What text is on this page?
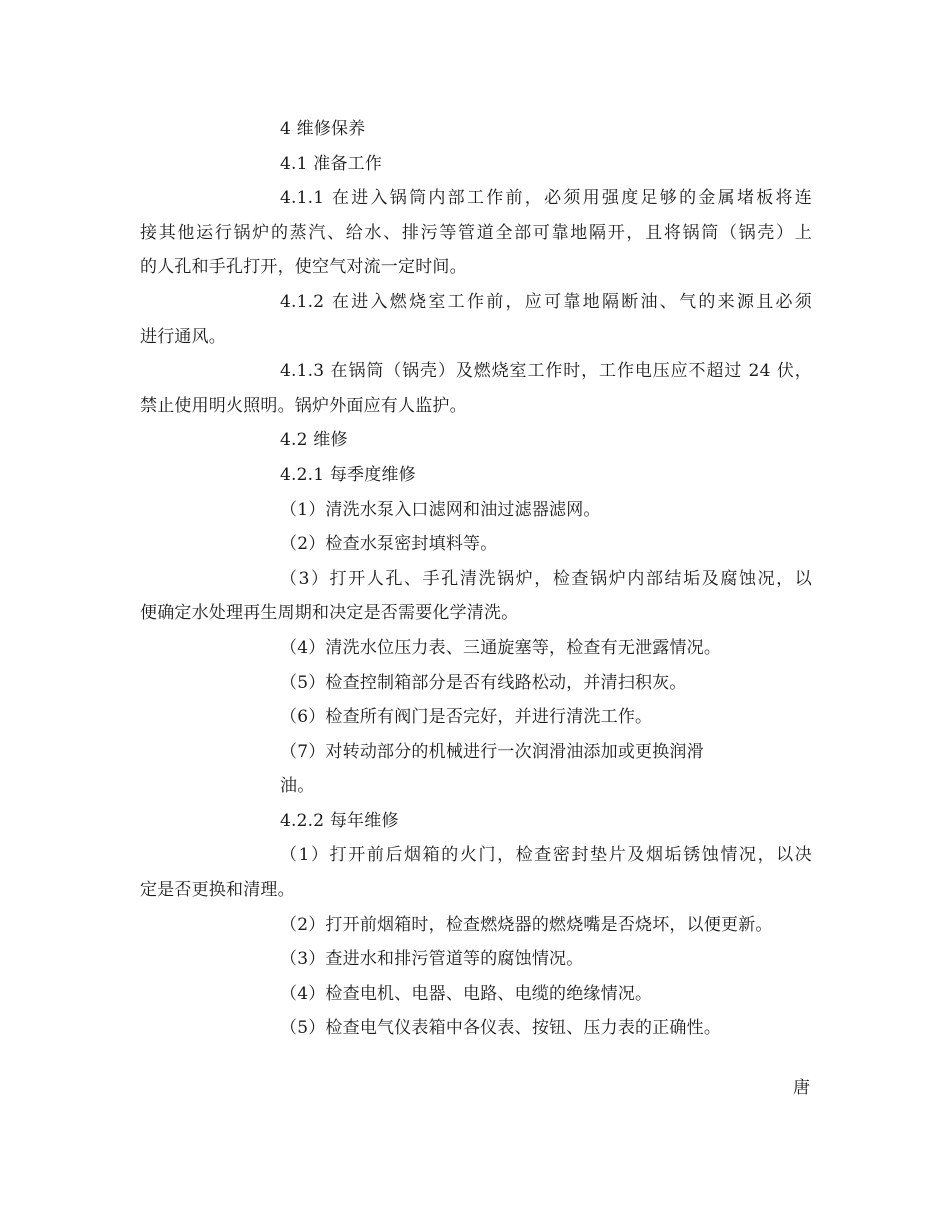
4 维修保养
4.1 准备工作
4.1.1 在进入锅筒内部工作前，必须用强度足够的金属堵板将连
接其他运行锅炉的蒸汽、给水、排污等管道全部可靠地隔开，且将锅筒（锅壳）上
的人孔和手孔打开，使空气对流一定时间。
4.1.2 在进入燃烧室工作前，应可靠地隔断油、气的来源且必须
进行通风。
4.1.3 在锅筒（锅壳）及燃烧室工作时，工作电压应不超过 24 伏，
禁止使用明火照明。锅炉外面应有人监护。
4.2 维修
4.2.1 每季度维修
（1）清洗水泵入口滤网和油过滤器滤网。
（2）检查水泵密封填料等。
（3）打开人孔、手孔清洗锅炉，检查锅炉内部结垢及腐蚀况，以
便确定水处理再生周期和决定是否需要化学清洗。
（4）清洗水位压力表、三通旋塞等，检查有无泄露情况。
（5）检查控制箱部分是否有线路松动，并清扫积灰。
（6）检查所有阀门是否完好，并进行清洗工作。
（7）对转动部分的机械进行一次润滑油添加或更换润滑
油。
4.2.2 每年维修
（1）打开前后烟箱的火门，检查密封垫片及烟垢锈蚀情况，以决
定是否更换和清理。
（2）打开前烟箱时，检查燃烧器的燃烧嘴是否烧坏，以便更新。
（3）查进水和排污管道等的腐蚀情况。
（4）检查电机、电器、电路、电缆的绝缘情况。
（5）检查电气仪表箱中各仪表、按钮、压力表的正确性。
唐
